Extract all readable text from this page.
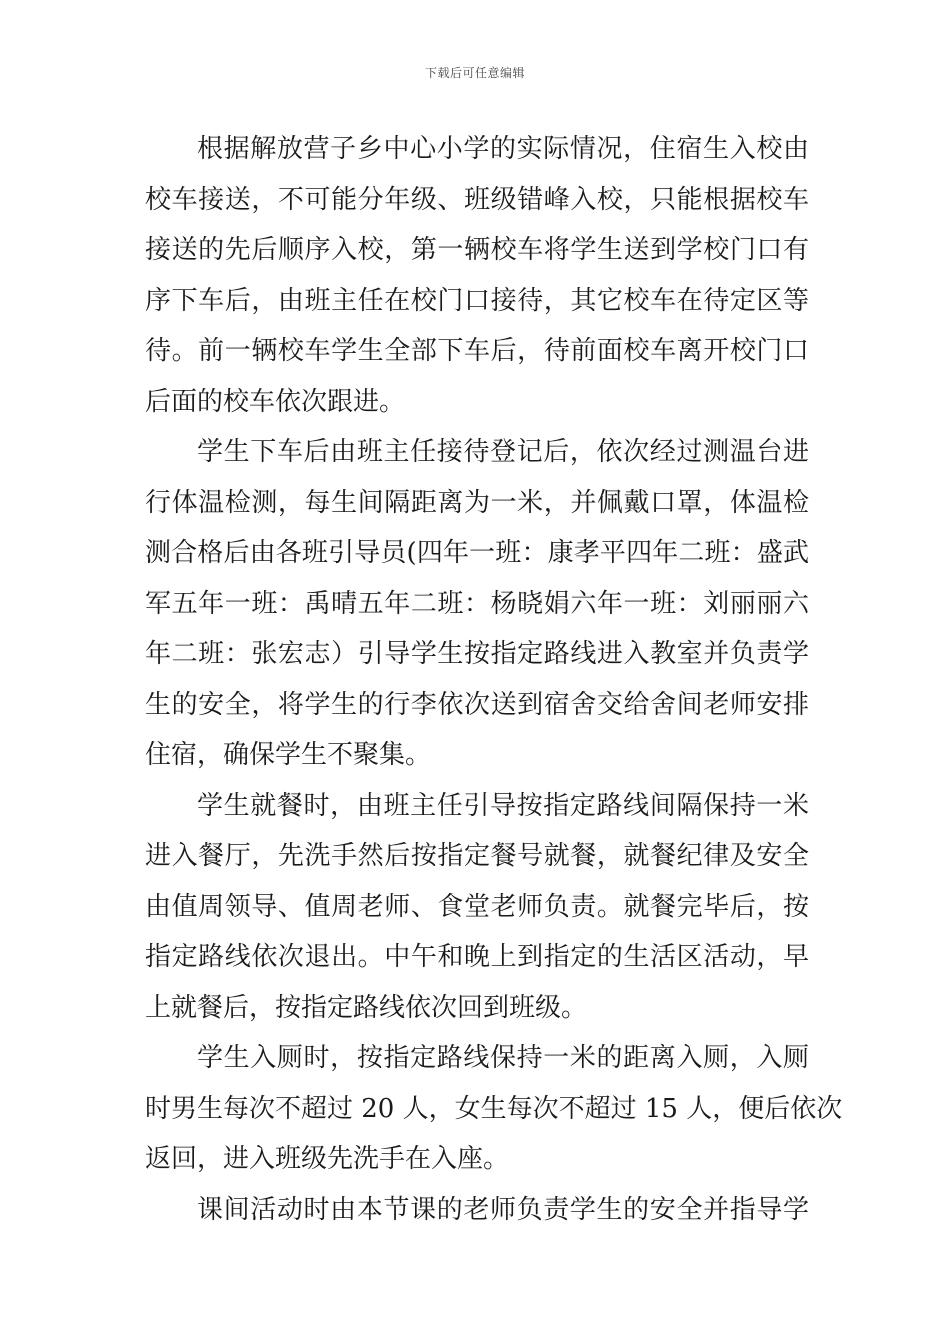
下载后可任意编辑

根据解放营子乡中心小学的实际情况，住宿生入校由
校车接送，不可能分年级、班级错峰入校，只能根据校车
接送的先后顺序入校，第一辆校车将学生送到学校门口有
序下车后，由班主任在校门口接待，其它校车在待定区等
待。前一辆校车学生全部下车后，待前面校车离开校门口
后面的校车依次跟进。

学生下车后由班主任接待登记后，依次经过测温台进
行体温检测，每生间隔距离为一米，并佩戴口罩，体温检
测合格后由各班引导员(四年一班：康孝平四年二班：盛武
军五年一班：禹晴五年二班：杨晓娟六年一班：刘丽丽六
年二班：张宏志）引导学生按指定路线进入教室并负责学
生的安全，将学生的行李依次送到宿舍交给舍间老师安排
住宿，确保学生不聚集。

学生就餐时，由班主任引导按指定路线间隔保持一米
进入餐厅，先洗手然后按指定餐号就餐，就餐纪律及安全
由值周领导、值周老师、食堂老师负责。就餐完毕后，按
指定路线依次退出。中午和晚上到指定的生活区活动，早
上就餐后，按指定路线依次回到班级。

学生入厕时，按指定路线保持一米的距离入厕，入厕
时男生每次不超过 20 人，女生每次不超过 15 人，便后依次
返回，进入班级先洗手在入座。

课间活动时由本节课的老师负责学生的安全并指导学
